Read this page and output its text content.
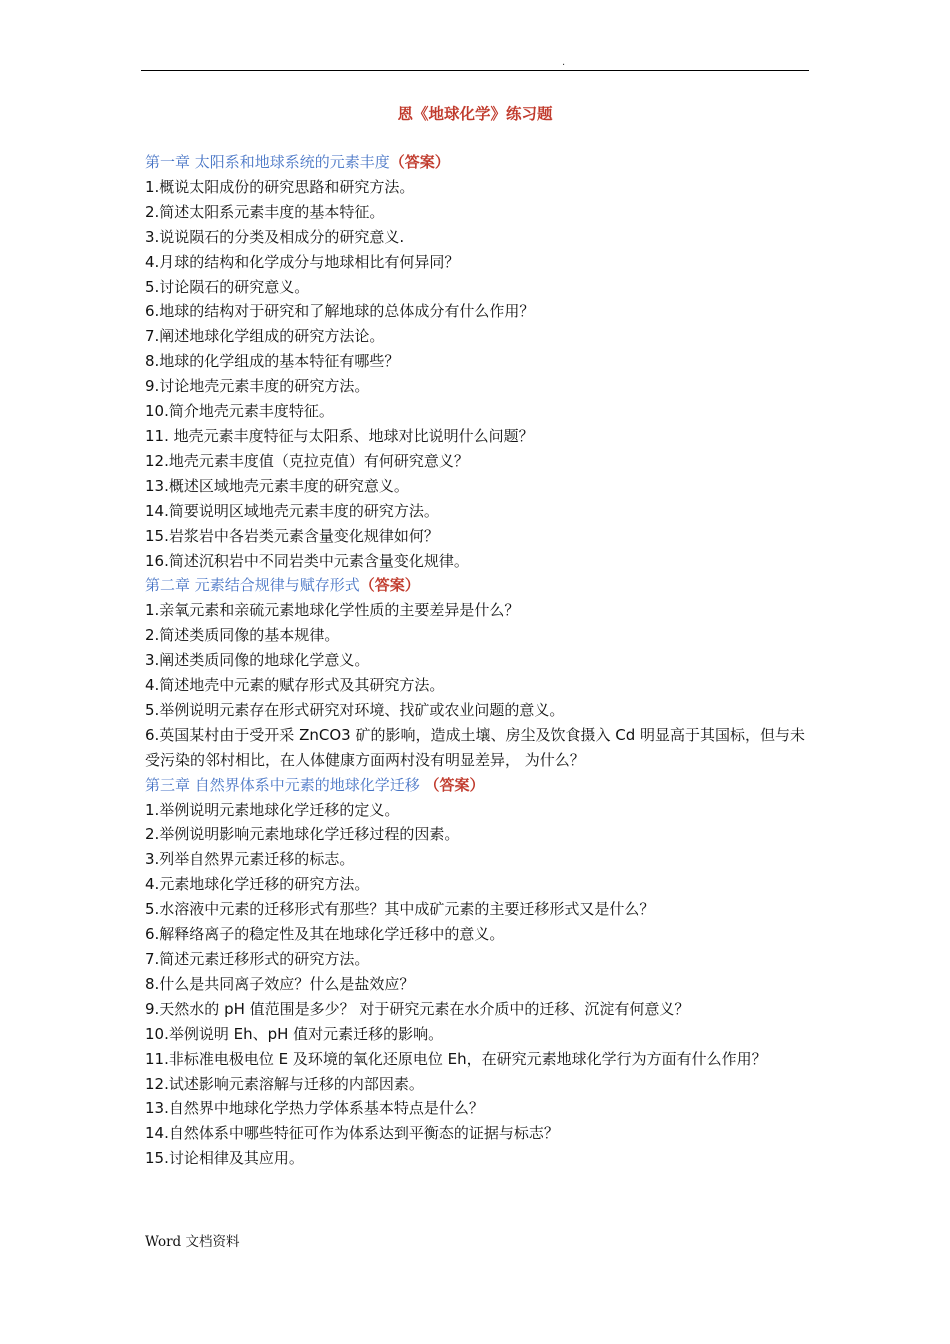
.
恩《地球化学》练习题

第一章 太阳系和地球系统的元素丰度（答案）

1.概说太阳成份的研究思路和研究方法。

2.简述太阳系元素丰度的基本特征。

3.说说陨石的分类及相成分的研究意义.

4.月球的结构和化学成分与地球相比有何异同？

5.讨论陨石的研究意义。

6.地球的结构对于研究和了解地球的总体成分有什么作用？

7.阐述地球化学组成的研究方法论。

8.地球的化学组成的基本特征有哪些？

9.讨论地壳元素丰度的研究方法。

10.简介地壳元素丰度特征。

11. 地壳元素丰度特征与太阳系、地球对比说明什么问题？

12.地壳元素丰度值（克拉克值）有何研究意义？

13.概述区域地壳元素丰度的研究意义。

14.简要说明区域地壳元素丰度的研究方法。

15.岩浆岩中各岩类元素含量变化规律如何？

16.简述沉积岩中不同岩类中元素含量变化规律。

第二章 元素结合规律与赋存形式（答案）

1.亲氧元素和亲硫元素地球化学性质的主要差异是什么？

2.简述类质同像的基本规律。

3.阐述类质同像的地球化学意义。

4.简述地壳中元素的赋存形式及其研究方法。

5.举例说明元素存在形式研究对环境、找矿或农业问题的意义。

6.英国某村由于受开采 ZnCO3 矿的影响，造成土壤、房尘及饮食摄入 Cd 明显高于其国标，但与未受污染的邻村相比，在人体健康方面两村没有明显差异， 为什么？

第三章 自然界体系中元素的地球化学迁移 （答案）

1.举例说明元素地球化学迁移的定义。

2.举例说明影响元素地球化学迁移过程的因素。

3.列举自然界元素迁移的标志。

4.元素地球化学迁移的研究方法。

5.水溶液中元素的迁移形式有那些？其中成矿元素的主要迁移形式又是什么？

6.解释络离子的稳定性及其在地球化学迁移中的意义。

7.简述元素迁移形式的研究方法。

8.什么是共同离子效应？什么是盐效应？

9.天然水的 pH 值范围是多少？ 对于研究元素在水介质中的迁移、沉淀有何意义？

10.举例说明 Eh、pH 值对元素迁移的影响。

11.非标准电极电位 E 及环境的氧化还原电位 Eh，在研究元素地球化学行为方面有什么作用？

12.试述影响元素溶解与迁移的内部因素。

13.自然界中地球化学热力学体系基本特点是什么？

14.自然体系中哪些特征可作为体系达到平衡态的证据与标志？

15.讨论相律及其应用。

Word 文档资料
